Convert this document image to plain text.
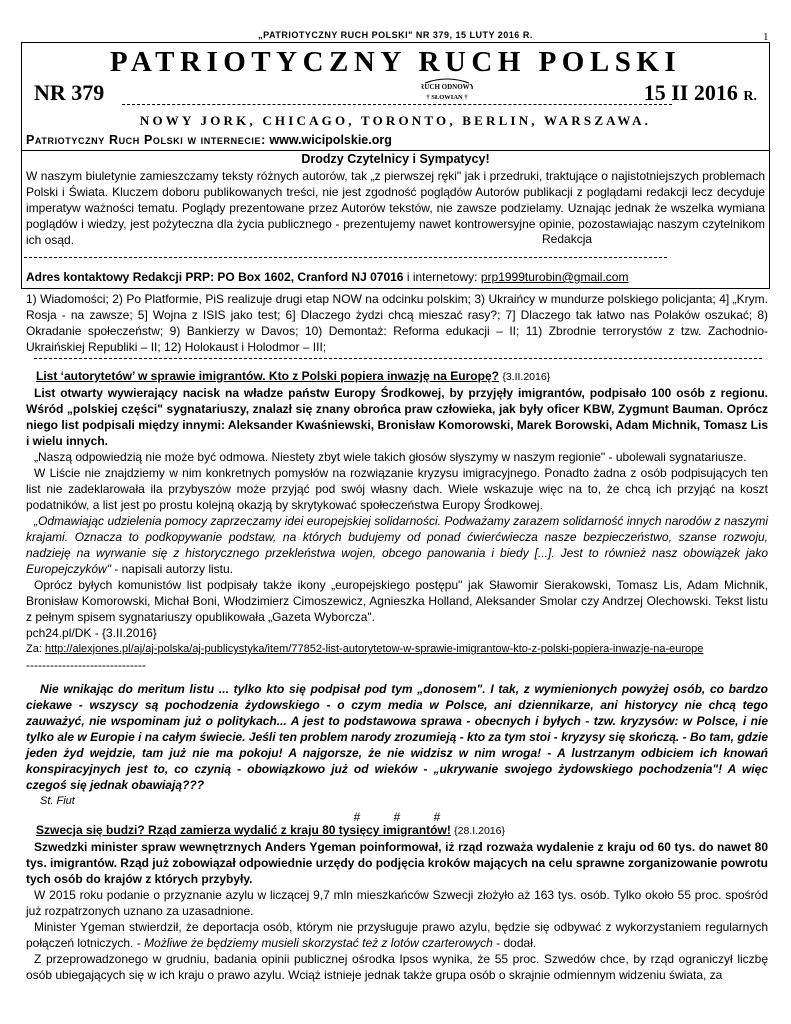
„PATRIOTYCZNY RUCH POLSKI" NR 379, 15 LUTY 2016 R.	1
PATRIOTYCZNY RUCH POLSKI
NR 379	RUCH ODNOWY
† SŁOWIAN †	15 II 2016 R.
NOWY JORK, CHICAGO, TORONTO, BERLIN, WARSZAWA.
Patriotyczny Ruch Polski w internecie: www.wicipolskie.org
Drodzy Czytelnicy i Sympatycy!
W naszym biuletynie zamieszczamy teksty różnych autorów, tak „z pierwszej ręki" jak i przedruki, traktujące o najistotniejszych problemach Polski i Świata. Kluczem doboru publikowanych treści, nie jest zgodność poglądów Autorów publikacji z poglądami redakcji lecz decyduje imperatyw ważności tematu. Poglądy prezentowane przez Autorów tekstów, nie zawsze podzielamy. Uznając jednak że wszelka wymiana poglądów i wiedzy, jest pożyteczna dla życia publicznego - prezentujemy nawet kontrowersyjne opinie, pozostawiając naszym czytelnikom ich osąd.	Redakcja
Adres kontaktowy Redakcji PRP: PO Box 1602, Cranford NJ 07016 i internetowy: prp1999turobin@gmail.com
1) Wiadomości; 2) Po Platformie, PiS realizuje drugi etap NOW na odcinku polskim; 3) Ukraińcy w mundurze polskiego policjanta; 4] „Krym. Rosja - na zawsze; 5] Wojna z ISIS jako test; 6] Dlaczego żydzi chcą mieszać rasy?; 7] Dlaczego tak łatwo nas Polaków oszukać; 8) Okradanie społeczeństw; 9) Bankierzy w Davos; 10) Demontaż: Reforma edukacji – II; 11) Zbrodnie terrorystów z tzw. Zachodnio-Ukraińskiej Republiki – II; 12) Holokaust i Holodmor – III;
List ‘autorytetów’ w sprawie imigrantów. Kto z Polski popiera inwazję na Europę? {3.II.2016}

List otwarty wywierający nacisk na władze państw Europy Środkowej, by przyjęły imigrantów, podpisało 100 osób z regionu. Wśród „polskiej części" sygnatariuszy, znalazł się znany obrońca praw człowieka, jak były oficer KBW, Zygmunt Bauman. Oprócz niego list podpisali między innymi: Aleksander Kwaśniewski, Bronisław Komorowski, Marek Borowski, Adam Michnik, Tomasz Lis i wielu innych.

„Naszą odpowiedzią nie może być odmowa. Niestety zbyt wiele takich głosów słyszymy w naszym regionie" - ubolewali sygnatariusze.

W Liście nie znajdziemy w nim konkretnych pomysłów na rozwiązanie kryzysu imigracyjnego. Ponadto żadna z osób podpisujących ten list nie zadeklarowała ila przybyszów może przyjąć pod swój własny dach. Wiele wskazuje więc na to, że chcą ich przyjąć na koszt podatników, a list jest po prostu kolejną okazją by skrytykować społeczeństwa Europy Środkowej.

„Odmawiając udzielenia pomocy zaprzeczamy idei europejskiej solidarności. Podważamy zarazem solidarność innych narodów z naszymi krajami. Oznacza to podkopywanie podstaw, na których budujemy od ponad ćwierćwiecza nasze bezpieczeństwo, szanse rozwoju, nadzieję na wyrwanie się z historycznego przekleństwa wojen, obcego panowania i biedy [...]. Jest to również nasz obowiązek jako Europejczyków" - napisali autorzy listu.

Oprócz byłych komunistów list podpisały także ikony „europejskiego postępu" jak Sławomir Sierakowski, Tomasz Lis, Adam Michnik, Bronisław Komorowski, Michał Boni, Włodzimierz Cimoszewicz, Agnieszka Holland, Aleksander Smolar czy Andrzej Olechowski. Tekst listu z pełnym spisem sygnatariuszy opublikowała „Gazeta Wyborcza".

pch24.pl/DK - {3.II.2016}
Za: http://alexjones.pl/aj/aj-polska/aj-publicystyka/item/77852-list-autorytetow-w-sprawie-imigrantow-kto-z-polski-popiera-inwazje-na-europe
------------------------------

Nie wnikając do meritum listu ... tylko kto się podpisał pod tym „donosem". I tak, z wymienionych powyżej osób, co bardzo ciekawe - wszyscy są pochodzenia żydowskiego - o czym media w Polsce, ani dziennikarze, ani historycy nie chcą tego zauważyć, nie wspominam już o politykach... A jest to podstawowa sprawa - obecnych i byłych - tzw. kryzysów: w Polsce, i nie tylko ale w Europie i na całym świecie. Jeśli ten problem narody zrozumieją - kto za tym stoi - kryzysy się skończą. - Bo tam, gdzie jeden żyd wejdzie, tam już nie ma pokoju! A najgorsze, że nie widzisz w nim wroga! - A lustrzanym odbiciem ich knowań konspiracyjnych jest to, co czynią - obowiązkowo już od wieków - „ukrywanie swojego żydowskiego pochodzenia"! A więc czegoś się jednak obawiają???

St. Fiut
#          #          #
Szwecja się budzi? Rząd zamierza wydalić z kraju 80 tysięcy imigrantów! {28.I.2016}

Szwedzki minister spraw wewnętrznych Anders Ygeman poinformował, iż rząd rozważa wydalenie z kraju od 60 tys. do nawet 80 tys. imigrantów. Rząd już zobowiązał odpowiednie urzędy do podjęcia kroków mających na celu sprawne zorganizowanie powrotu tych osób do krajów z których przybyły.

W 2015 roku podanie o przyznanie azylu w liczącej 9,7 mln mieszkańców Szwecji złożyło aż 163 tys. osób. Tylko około 55 proc. spośród już rozpatrzonych uznano za uzasadnione.

Minister Ygeman stwierdził, że deportacja osób, którym nie przysługuje prawo azylu, będzie się odbywać z wykorzystaniem regularnych połączeń lotniczych. - Możliwe że będziemy musieli skorzystać też z lotów czarterowych - dodał.

Z przeprowadzonego w grudniu, badania opinii publicznej ośrodka Ipsos wynika, że 55 proc. Szwedów chce, by rząd ograniczył liczbę osób ubiegających się w ich kraju o prawo azylu. Wciąż istnieje jednak także grupa osób o skrajnie odmiennym widzeniu świata, za
